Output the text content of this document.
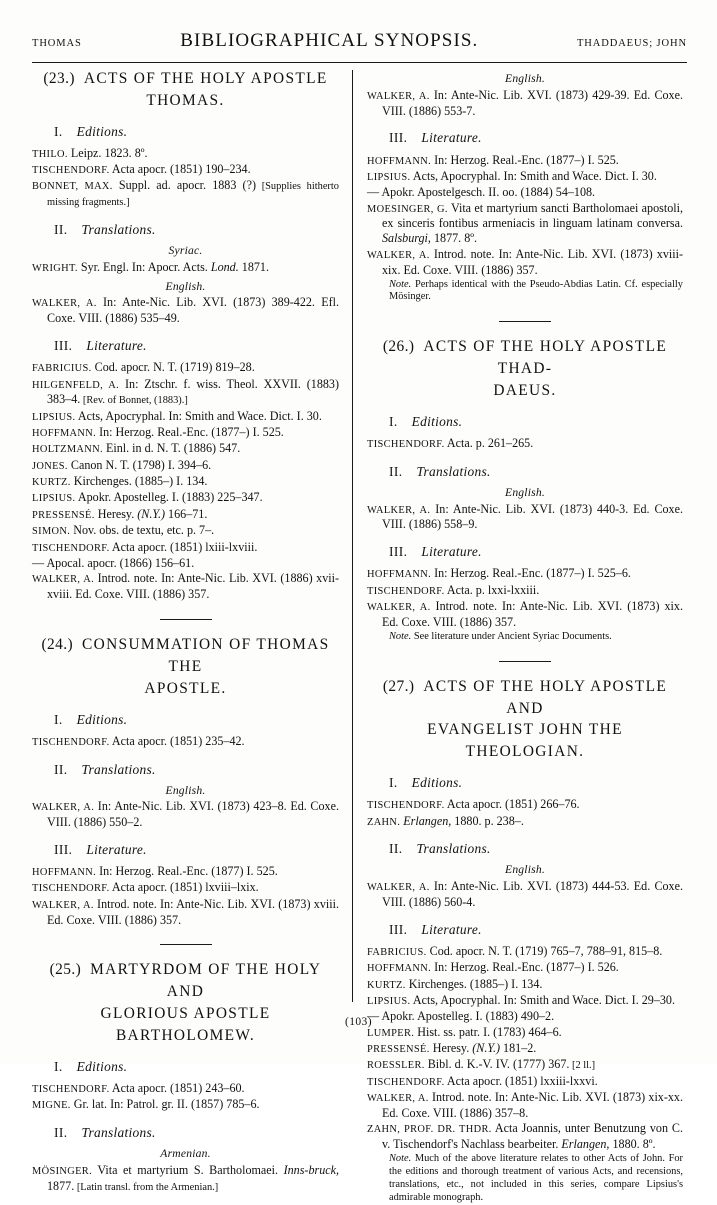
THOMAS	BIBLIOGRAPHICAL SYNOPSIS.	THADDAEUS; JOHN
(23.) ACTS OF THE HOLY APOSTLE
THOMAS.
I. Editions.
THILO. Leipz. 1823. 8º.
TISCHENDORF. Acta apocr. (1851) 190–234.
BONNET, MAX. Suppl. ad. apocr. 1883 (?) [Supplies hitherto missing fragments.]
II. Translations.
Syriac.
WRIGHT. Syr. Engl. In: Apocr. Acts. Lond. 1871.
English.
WALKER, A. In: Ante-Nic. Lib. XVI. (1873) 389-422. Efl. Coxe. VIII. (1886) 535–49.
III. Literature.
FABRICIUS. Cod. apocr. N. T. (1719) 819–28.
HILGENFELD, A. In: Ztschr. f. wiss. Theol. XXVII. (1883) 383–4. [Rev. of Bonnet, (1883).]
LIPSIUS. Acts, Apocryphal. In: Smith and Wace. Dict. I. 30.
HOFFMANN. In: Herzog. Real.-Enc. (1877–) I. 525.
HOLTZMANN. Einl. in d. N. T. (1886) 547.
JONES. Canon N. T. (1798) I. 394–6.
KURTZ. Kirchenges. (1885–) I. 134.
LIPSIUS. Apokr. Apostelleg. I. (1883) 225–347.
PRESSENSÉ. Heresy. (N.Y.) 166–71.
SIMON. Nov. obs. de textu, etc. p. 7–.
TISCHENDORF. Acta apocr. (1851) lxiii-lxviii.
— Apocal. apocr. (1866) 156–61.
WALKER, A. Introd. note. In: Ante-Nic. Lib. XVI. (1886) xvii-xviii. Ed. Coxe. VIII. (1886) 357.
(24.) CONSUMMATION OF THOMAS THE
APOSTLE.
I. Editions.
TISCHENDORF. Acta apocr. (1851) 235–42.
II. Translations.
English.
WALKER, A. In: Ante-Nic. Lib. XVI. (1873) 423–8. Ed. Coxe. VIII. (1886) 550–2.
III. Literature.
HOFFMANN. In: Herzog. Real.-Enc. (1877) I. 525.
TISCHENDORF. Acta apocr. (1851) lxviii–lxix.
WALKER, A. Introd. note. In: Ante-Nic. Lib. XVI. (1873) xviii. Ed. Coxe. VIII. (1886) 357.
(25.) MARTYRDOM OF THE HOLY AND
GLORIOUS APOSTLE BARTHOLOMEW.
I. Editions.
TISCHENDORF. Acta apocr. (1851) 243–60.
MIGNE. Gr. lat. In: Patrol. gr. II. (1857) 785–6.
II. Translations.
Armenian.
MÖSINGER. Vita et martyrium S. Bartholomaei. Inns-bruck, 1877. [Latin transl. from the Armenian.]
English.
WALKER, A. In: Ante-Nic. Lib. XVI. (1873) 429-39. Ed. Coxe. VIII. (1886) 553-7.
III. Literature.
HOFFMANN. In: Herzog. Real.-Enc. (1877–) I. 525.
LIPSIUS. Acts, Apocryphal. In: Smith and Wace. Dict. I. 30.
— Apokr. Apostelgesch. II. ᴏᴏ. (1884) 54–108.
MOESINGER, G. Vita et martyrium sancti Bartholomaei apostoli, ex sinceris fontibus armeniacis in linguam latinam conversa. Salsburgi, 1877. 8º.
WALKER, A. Introd. note. In: Ante-Nic. Lib. XVI. (1873) xviii-xix. Ed. Coxe. VIII. (1886) 357.
Note. Perhaps identical with the Pseudo-Abdias Latin. Cf. especially Mösinger.
(26.) ACTS OF THE HOLY APOSTLE THAD-
DAEUS.
I. Editions.
TISCHENDORF. Acta. p. 261–265.
II. Translations.
English.
WALKER, A. In: Ante-Nic. Lib. XVI. (1873) 440-3. Ed. Coxe. VIII. (1886) 558–9.
III. Literature.
HOFFMANN. In: Herzog. Real.-Enc. (1877–) I. 525–6.
TISCHENDORF. Acta. p. lxxi-lxxiii.
WALKER, A. Introd. note. In: Ante-Nic. Lib. XVI. (1873) xix. Ed. Coxe. VIII. (1886) 357.
Note. See literature under Ancient Syriac Documents.
(27.) ACTS OF THE HOLY APOSTLE AND
EVANGELIST JOHN THE THEOLOGIAN.
I. Editions.
TISCHENDORF. Acta apocr. (1851) 266–76.
ZAHN. Erlangen, 1880. p. 238–.
II. Translations.
English.
WALKER, A. In: Ante-Nic. Lib. XVI. (1873) 444-53. Ed. Coxe. VIII. (1886) 560-4.
III. Literature.
FABRICIUS. Cod. apocr. N. T. (1719) 765–7, 788–91, 815–8.
HOFFMANN. In: Herzog. Real.-Enc. (1877–) I. 526.
KURTZ. Kirchenges. (1885–) I. 134.
LIPSIUS. Acts, Apocryphal. In: Smith and Wace. Dict. I. 29–30.
— Apokr. Apostelleg. I. (1883) 490–2.
LUMPER. Hist. ss. patr. I. (1783) 464–6.
PRESSENSÉ. Heresy. (N.Y.) 181–2.
ROESSLER. Bibl. d. K.-V. IV. (1777) 367. [2 ll.]
TISCHENDORF. Acta apocr. (1851) lxxiii-lxxvi.
WALKER, A. Introd. note. In: Ante-Nic. Lib. XVI. (1873) xix-xx. Ed. Coxe. VIII. (1886) 357–8.
ZAHN, PROF. DR. THDR. Acta Joannis, unter Benutzung von C. v. Tischendorf's Nachlass bearbeiter. Erlangen, 1880. 8º.
Note. Much of the above literature relates to other Acts of John. For the editions and thorough treatment of various Acts, and recensions, translations, etc., not included in this series, compare Lipsius's admirable monograph.
(103)
